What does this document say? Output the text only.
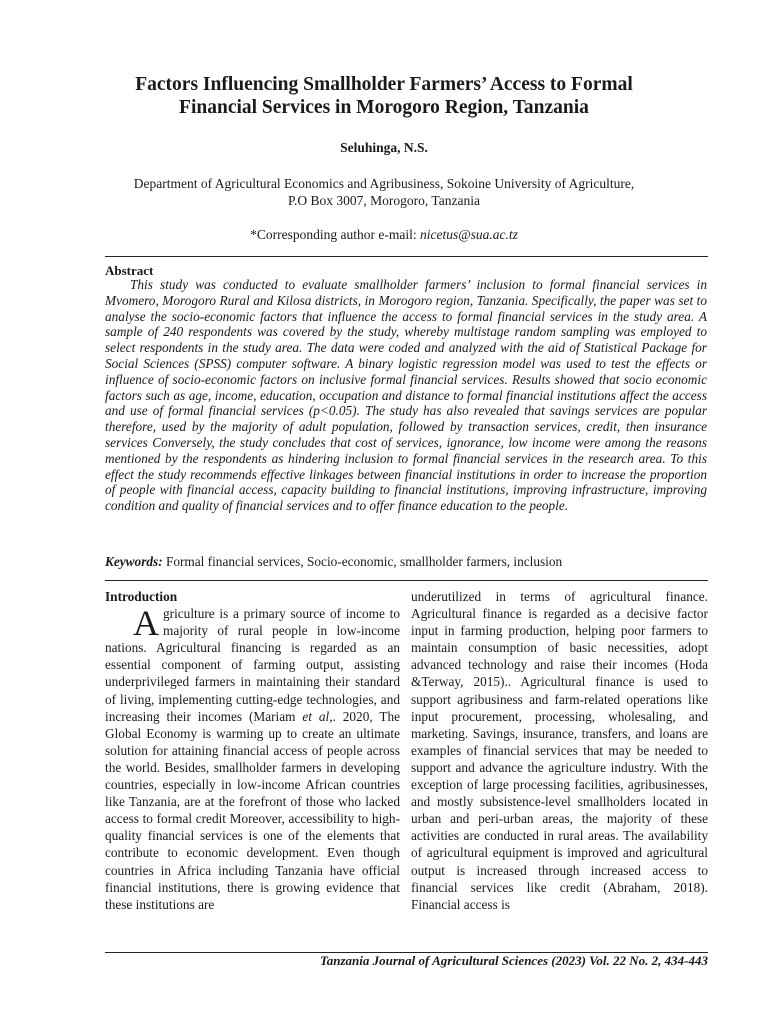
Factors Influencing Smallholder Farmers’ Access to Formal
Financial Services in Morogoro Region, Tanzania
Seluhinga, N.S.
Department of Agricultural Economics and Agribusiness, Sokoine University of Agriculture,
P.O Box 3007, Morogoro, Tanzania
*Corresponding author e-mail: nicetus@sua.ac.tz
Abstract

This study was conducted to evaluate smallholder farmers’ inclusion to formal financial services in Mvomero, Morogoro Rural and Kilosa districts, in Morogoro region, Tanzania. Specifically, the paper was set to analyse the socio-economic factors that influence the access to formal financial services in the study area. A sample of 240 respondents was covered by the study, whereby multistage random sampling was employed to select respondents in the study area. The data were coded and analyzed with the aid of Statistical Package for Social Sciences (SPSS) computer software. A binary logistic regression model was used to test the effects or influence of socio-economic factors on inclusive formal financial services. Results showed that socio economic factors such as age, income, education, occupation and distance to formal financial institutions affect the access and use of formal financial services (p<0.05). The study has also revealed that savings services are popular therefore, used by the majority of adult population, followed by transaction services, credit, then insurance services Conversely, the study concludes that cost of services, ignorance, low income were among the reasons mentioned by the respondents as hindering inclusion to formal financial services in the research area. To this effect the study recommends effective linkages between financial institutions in order to increase the proportion of people with financial access, capacity building to financial institutions, improving infrastructure, improving condition and quality of financial services and to offer finance education to the people.

Keywords: Formal financial services, Socio-economic, smallholder farmers, inclusion
Introduction

Agriculture is a primary source of income to majority of rural people in low-income nations. Agricultural financing is regarded as an essential component of farming output, assisting underprivileged farmers in maintaining their standard of living, implementing cutting-edge technologies, and increasing their incomes (Mariam et al,. 2020, The Global Economy is warming up to create an ultimate solution for attaining financial access of people across the world. Besides, smallholder farmers in developing countries, especially in low-income African countries like Tanzania, are at the forefront of those who lacked access to formal credit Moreover, accessibility to high-quality financial services is one of the elements that contribute to economic development. Even though countries in Africa including Tanzania have official financial institutions, there is growing evidence that these institutions are

underutilized in terms of agricultural finance. Agricultural finance is regarded as a decisive factor input in farming production, helping poor farmers to maintain consumption of basic necessities, adopt advanced technology and raise their incomes (Hoda &Terway, 2015).. Agricultural finance is used to support agribusiness and farm-related operations like input procurement, processing, wholesaling, and marketing. Savings, insurance, transfers, and loans are examples of financial services that may be needed to support and advance the agriculture industry. With the exception of large processing facilities, agribusinesses, and mostly subsistence-level smallholders located in urban and peri-urban areas, the majority of these activities are conducted in rural areas. The availability of agricultural equipment is improved and agricultural output is increased through increased access to financial services like credit (Abraham, 2018). Financial access is

Tanzania Journal of Agricultural Sciences (2023) Vol. 22 No. 2, 434-443
